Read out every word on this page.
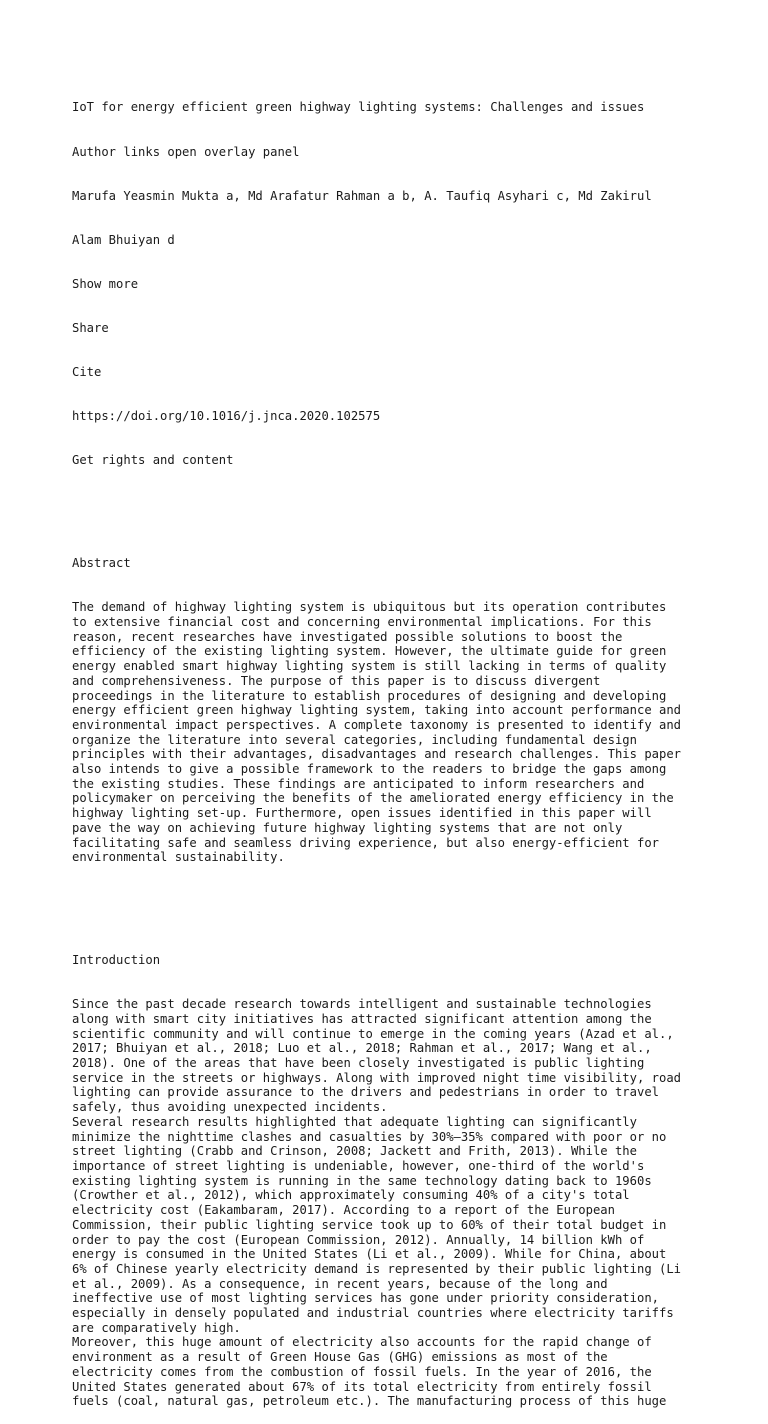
IoT for energy efficient green highway lighting systems: Challenges and issues

Author links open overlay panel

Marufa Yeasmin Mukta a, Md Arafatur Rahman a b, A. Taufiq Asyhari c, Md Zakirul

Alam Bhuiyan d

Show more

Share

Cite

https://doi.org/10.1016/j.jnca.2020.102575

Get rights and content

Abstract

The demand of highway lighting system is ubiquitous but its operation contributes
to extensive financial cost and concerning environmental implications. For this
reason, recent researches have investigated possible solutions to boost the
efficiency of the existing lighting system. However, the ultimate guide for green
energy enabled smart highway lighting system is still lacking in terms of quality
and comprehensiveness. The purpose of this paper is to discuss divergent
proceedings in the literature to establish procedures of designing and developing
energy efficient green highway lighting system, taking into account performance and
environmental impact perspectives. A complete taxonomy is presented to identify and
organize the literature into several categories, including fundamental design
principles with their advantages, disadvantages and research challenges. This paper
also intends to give a possible framework to the readers to bridge the gaps among
the existing studies. These findings are anticipated to inform researchers and
policymaker on perceiving the benefits of the ameliorated energy efficiency in the
highway lighting set-up. Furthermore, open issues identified in this paper will
pave the way on achieving future highway lighting systems that are not only
facilitating safe and seamless driving experience, but also energy-efficient for
environmental sustainability.

Introduction

Since the past decade research towards intelligent and sustainable technologies
along with smart city initiatives has attracted significant attention among the
scientific community and will continue to emerge in the coming years (Azad et al.,
2017; Bhuiyan et al., 2018; Luo et al., 2018; Rahman et al., 2017; Wang et al.,
2018). One of the areas that have been closely investigated is public lighting
service in the streets or highways. Along with improved night time visibility, road
lighting can provide assurance to the drivers and pedestrians in order to travel
safely, thus avoiding unexpected incidents.
Several research results highlighted that adequate lighting can significantly
minimize the nighttime clashes and casualties by 30%–35% compared with poor or no
street lighting (Crabb and Crinson, 2008; Jackett and Frith, 2013). While the
importance of street lighting is undeniable, however, one-third of the world's
existing lighting system is running in the same technology dating back to 1960s
(Crowther et al., 2012), which approximately consuming 40% of a city's total
electricity cost (Eakambaram, 2017). According to a report of the European
Commission, their public lighting service took up to 60% of their total budget in
order to pay the cost (European Commission, 2012). Annually, 14 billion kWh of
energy is consumed in the United States (Li et al., 2009). While for China, about
6% of Chinese yearly electricity demand is represented by their public lighting (Li
et al., 2009). As a consequence, in recent years, because of the long and
ineffective use of most lighting services has gone under priority consideration,
especially in densely populated and industrial countries where electricity tariffs
are comparatively high.
Moreover, this huge amount of electricity also accounts for the rapid change of
environment as a result of Green House Gas (GHG) emissions as most of the
electricity comes from the combustion of fossil fuels. In the year of 2016, the
United States generated about 67% of its total electricity from entirely fossil
fuels (coal, natural gas, petroleum etc.). The manufacturing process of this huge
